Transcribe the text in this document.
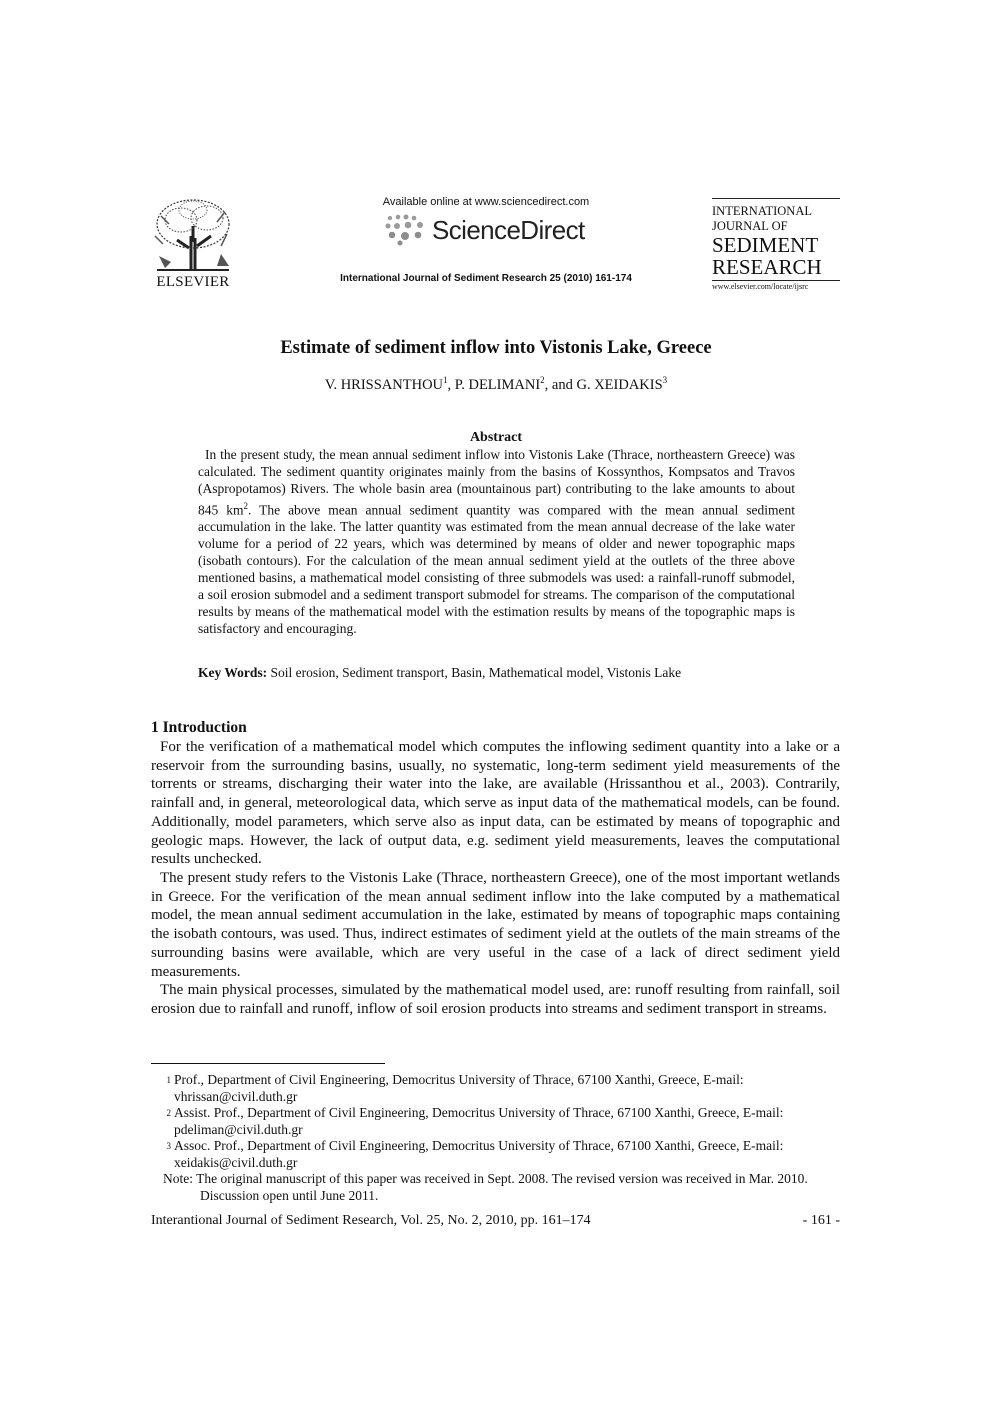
ELSEVIER
Available online at www.sciencedirect.com
ScienceDirect
International Journal of Sediment Research 25 (2010) 161-174
INTERNATIONAL
JOURNAL OF
SEDIMENT
RESEARCH
www.elsevier.com/locate/ijsrc
Estimate of sediment inflow into Vistonis Lake, Greece
V. HRISSANTHOU$^1$, P. DELIMANI$^2$, and G. XEIDAKIS$^3$
Abstract
In the present study, the mean annual sediment inflow into Vistonis Lake (Thrace, northeastern Greece) was calculated. The sediment quantity originates mainly from the basins of Kossynthos, Kompsatos and Travos (Aspropotamos) Rivers. The whole basin area (mountainous part) contributing to the lake amounts to about 845 $km^2$. The above mean annual sediment quantity was compared with the mean annual sediment accumulation in the lake. The latter quantity was estimated from the mean annual decrease of the lake water volume for a period of 22 years, which was determined by means of older and newer topographic maps (isobath contours). For the calculation of the mean annual sediment yield at the outlets of the three above mentioned basins, a mathematical model consisting of three submodels was used: a rainfall-runoff submodel, a soil erosion submodel and a sediment transport submodel for streams. The comparison of the computational results by means of the mathematical model with the estimation results by means of the topographic maps is satisfactory and encouraging.
Key Words: Soil erosion, Sediment transport, Basin, Mathematical model, Vistonis Lake
1 Introduction
For the verification of a mathematical model which computes the inflowing sediment quantity into a lake or a reservoir from the surrounding basins, usually, no systematic, long-term sediment yield measurements of the torrents or streams, discharging their water into the lake, are available (Hrissanthou et al., 2003). Contrarily, rainfall and, in general, meteorological data, which serve as input data of the mathematical models, can be found. Additionally, model parameters, which serve also as input data, can be estimated by means of topographic and geologic maps. However, the lack of output data, e.g. sediment yield measurements, leaves the computational results unchecked.
The present study refers to the Vistonis Lake (Thrace, northeastern Greece), one of the most important wetlands in Greece. For the verification of the mean annual sediment inflow into the lake computed by a mathematical model, the mean annual sediment accumulation in the lake, estimated by means of topographic maps containing the isobath contours, was used. Thus, indirect estimates of sediment yield at the outlets of the main streams of the surrounding basins were available, which are very useful in the case of a lack of direct sediment yield measurements.
The main physical processes, simulated by the mathematical model used, are: runoff resulting from rainfall, soil erosion due to rainfall and runoff, inflow of soil erosion products into streams and sediment transport in streams.
$^1$ Prof., Department of Civil Engineering, Democritus University of Thrace, 67100 Xanthi, Greece, E-mail: vhrissan@civil.duth.gr
$^2$ Assist. Prof., Department of Civil Engineering, Democritus University of Thrace, 67100 Xanthi, Greece, E-mail: pdeliman@civil.duth.gr
$^3$ Assoc. Prof., Department of Civil Engineering, Democritus University of Thrace, 67100 Xanthi, Greece, E-mail: xeidakis@civil.duth.gr
Note: The original manuscript of this paper was received in Sept. 2008. The revised version was received in Mar. 2010. Discussion open until June 2011.
Interantional Journal of Sediment Research, Vol. 25, No. 2, 2010, pp. 161–174	- 161 -
